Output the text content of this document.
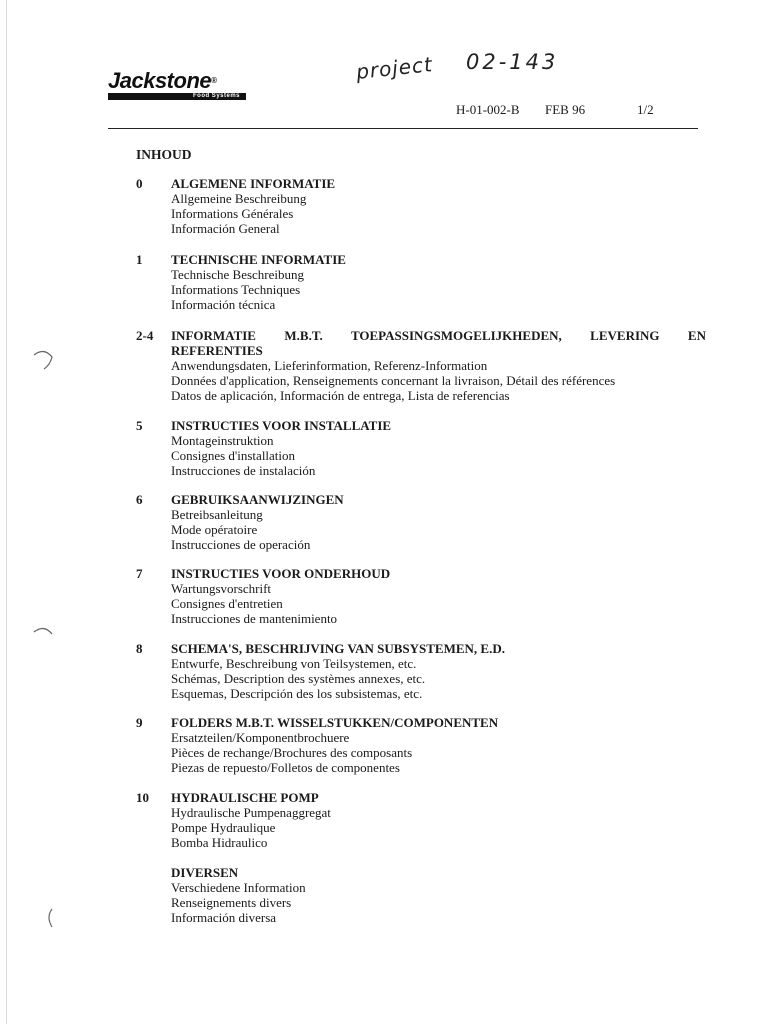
Jackstone®
Food Systems
project 02-143
H-01-002-B FEB 96	1/2
INHOUD
0 ALGEMENE INFORMATIE
Allgemeine Beschreibung
Informations Générales
Información General
1 TECHNISCHE INFORMATIE
Technische Beschreibung
Informations Techniques
Información técnica
2-4 INFORMATIE M.B.T. TOEPASSINGSMOGELIJKHEDEN, LEVERING EN
REFERENTIES
Anwendungsdaten, Lieferinformation, Referenz-Information
Données d'application, Renseignements concernant la livraison, Détail des références
Datos de aplicación, Información de entrega, Lista de referencias
5 INSTRUCTIES VOOR INSTALLATIE
Montageinstruktion
Consignes d'installation
Instrucciones de instalación
6 GEBRUIKSAANWIJZINGEN
Betreibsanleitung
Mode opératoire
Instrucciones de operación
7 INSTRUCTIES VOOR ONDERHOUD
Wartungsvorschrift
Consignes d'entretien
Instrucciones de mantenimiento
8 SCHEMA'S, BESCHRIJVING VAN SUBSYSTEMEN, E.D.
Entwurfe, Beschreibung von Teilsystemen, etc.
Schémas, Description des systèmes annexes, etc.
Esquemas, Descripción des los subsistemas, etc.
9 FOLDERS M.B.T. WISSELSTUKKEN/COMPONENTEN
Ersatzteilen/Komponentbrochuere
Pièces de rechange/Brochures des composants
Piezas de repuesto/Folletos de componentes
10 HYDRAULISCHE POMP
Hydraulische Pumpenaggregat
Pompe Hydraulique
Bomba Hidraulico
DIVERSEN
Verschiedene Information
Renseignements divers
Información diversa
